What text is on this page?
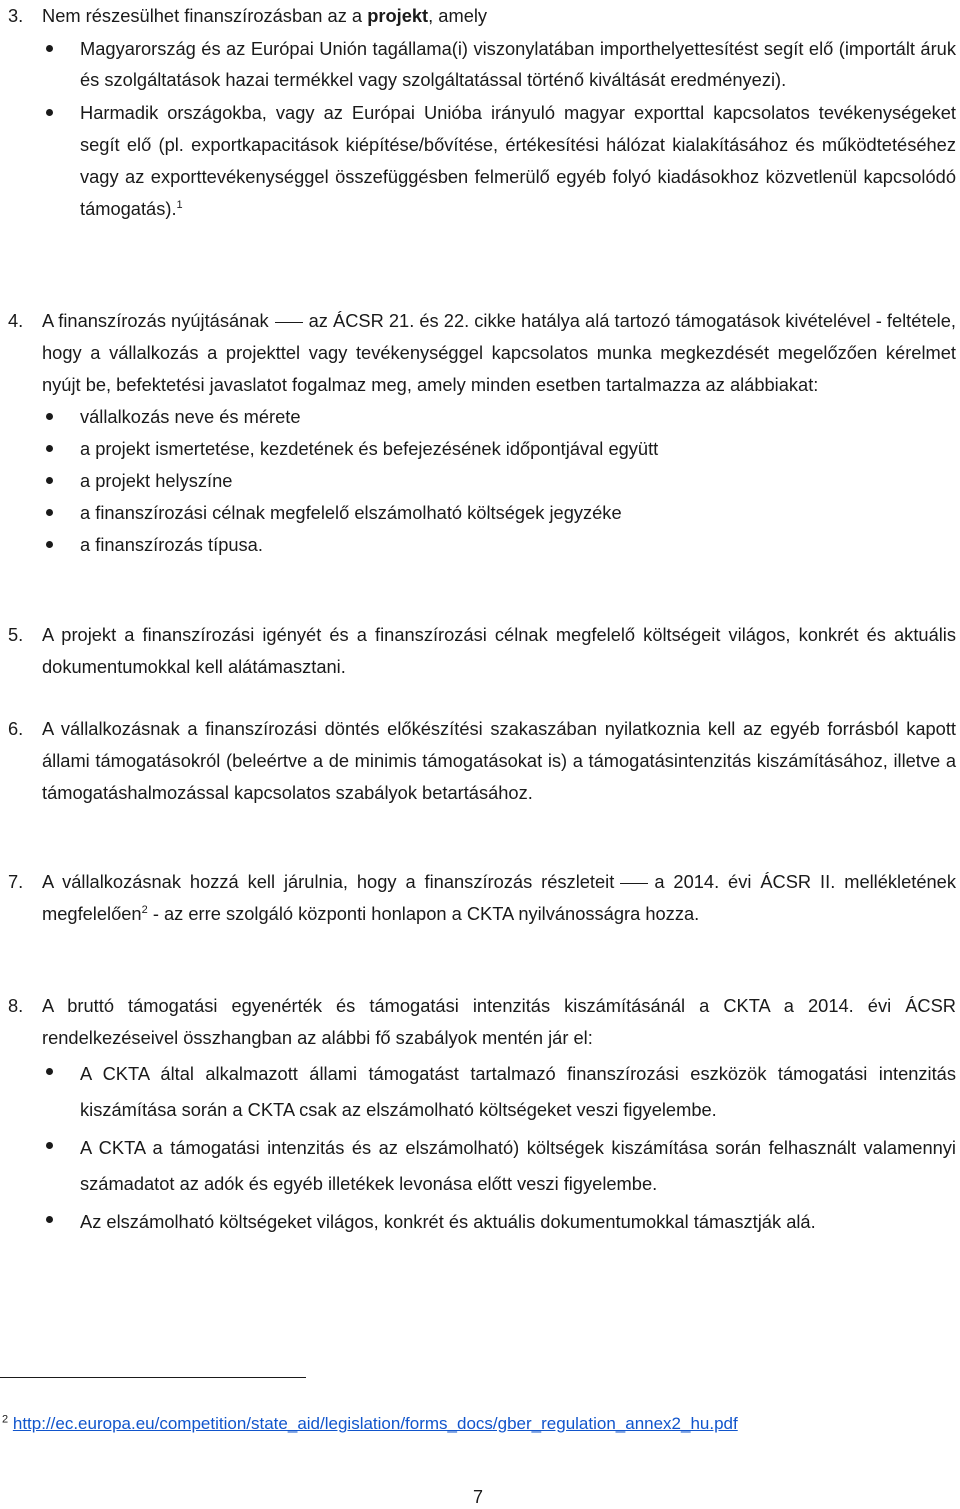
3.	Nem részesülhet finanszírozásban az a projekt, amely
Magyarország és az Európai Unión tagállama(i) viszonylatában importhelyettesítést segít elő (importált áruk és szolgáltatások hazai termékkel vagy szolgáltatással történő kiváltását eredményezi).
Harmadik országokba, vagy az Európai Unióba irányuló magyar exporttal kapcsolatos tevékenységeket segít elő (pl. exportkapacitások kiépítése/bővítése, értékesítési hálózat kialakításához és működtetéséhez vagy az exporttevékenységgel összefüggésben felmerülő egyéb folyó kiadásokhoz közvetlenül kapcsolódó támogatás).$^1$
4.	A finanszírozás nyújtásának az ÁCSR 21. és 22. cikke hatálya alá tartozó támogatások kivételével - feltétele, hogy a vállalkozás a projekttel vagy tevékenységgel kapcsolatos munka megkezdését megelőzően kérelmet nyújt be, befektetési javaslatot fogalmaz meg, amely minden esetben tartalmazza az alábbiakat:
vállalkozás neve és mérete
a projekt ismertetése, kezdetének és befejezésének időpontjával együtt
a projekt helyszíne
a finanszírozási célnak megfelelő elszámolható költségek jegyzéke
a finanszírozás típusa.
5.	A projekt a finanszírozási igényét és a finanszírozási célnak megfelelő költségeit világos, konkrét és aktuális dokumentumokkal kell alátámasztani.
6.	A vállalkozásnak a finanszírozási döntés előkészítési szakaszában nyilatkoznia kell az egyéb forrásból kapott állami támogatásokról (beleértve a de minimis támogatásokat is) a támogatásintenzitás kiszámításához, illetve a támogatáshalmozással kapcsolatos szabályok betartásához.
7.	A vállalkozásnak hozzá kell járulnia, hogy a finanszírozás részleteit a 2014. évi ÁCSR II. mellékletének megfelelően$^2$ - az erre szolgáló központi honlapon a CKTA nyilvánosságra hozza.
8.	A bruttó támogatási egyenérték és támogatási intenzitás kiszámításánál a CKTA a 2014. évi ÁCSR rendelkezéseivel összhangban az alábbi fő szabályok mentén jár el:
A CKTA által alkalmazott állami támogatást tartalmazó finanszírozási eszközök támogatási intenzitás kiszámítása során a CKTA csak az elszámolható költségeket veszi figyelembe.
A CKTA a támogatási intenzitás és az elszámolható) költségek kiszámítása során felhasznált valamennyi számadatot az adók és egyéb illetékek levonása előtt veszi figyelembe.
Az elszámolható költségeket világos, konkrét és aktuális dokumentumokkal támasztják alá.
$^2$ http://ec.europa.eu/competition/state_aid/legislation/forms_docs/gber_regulation_annex2_hu.pdf
7
